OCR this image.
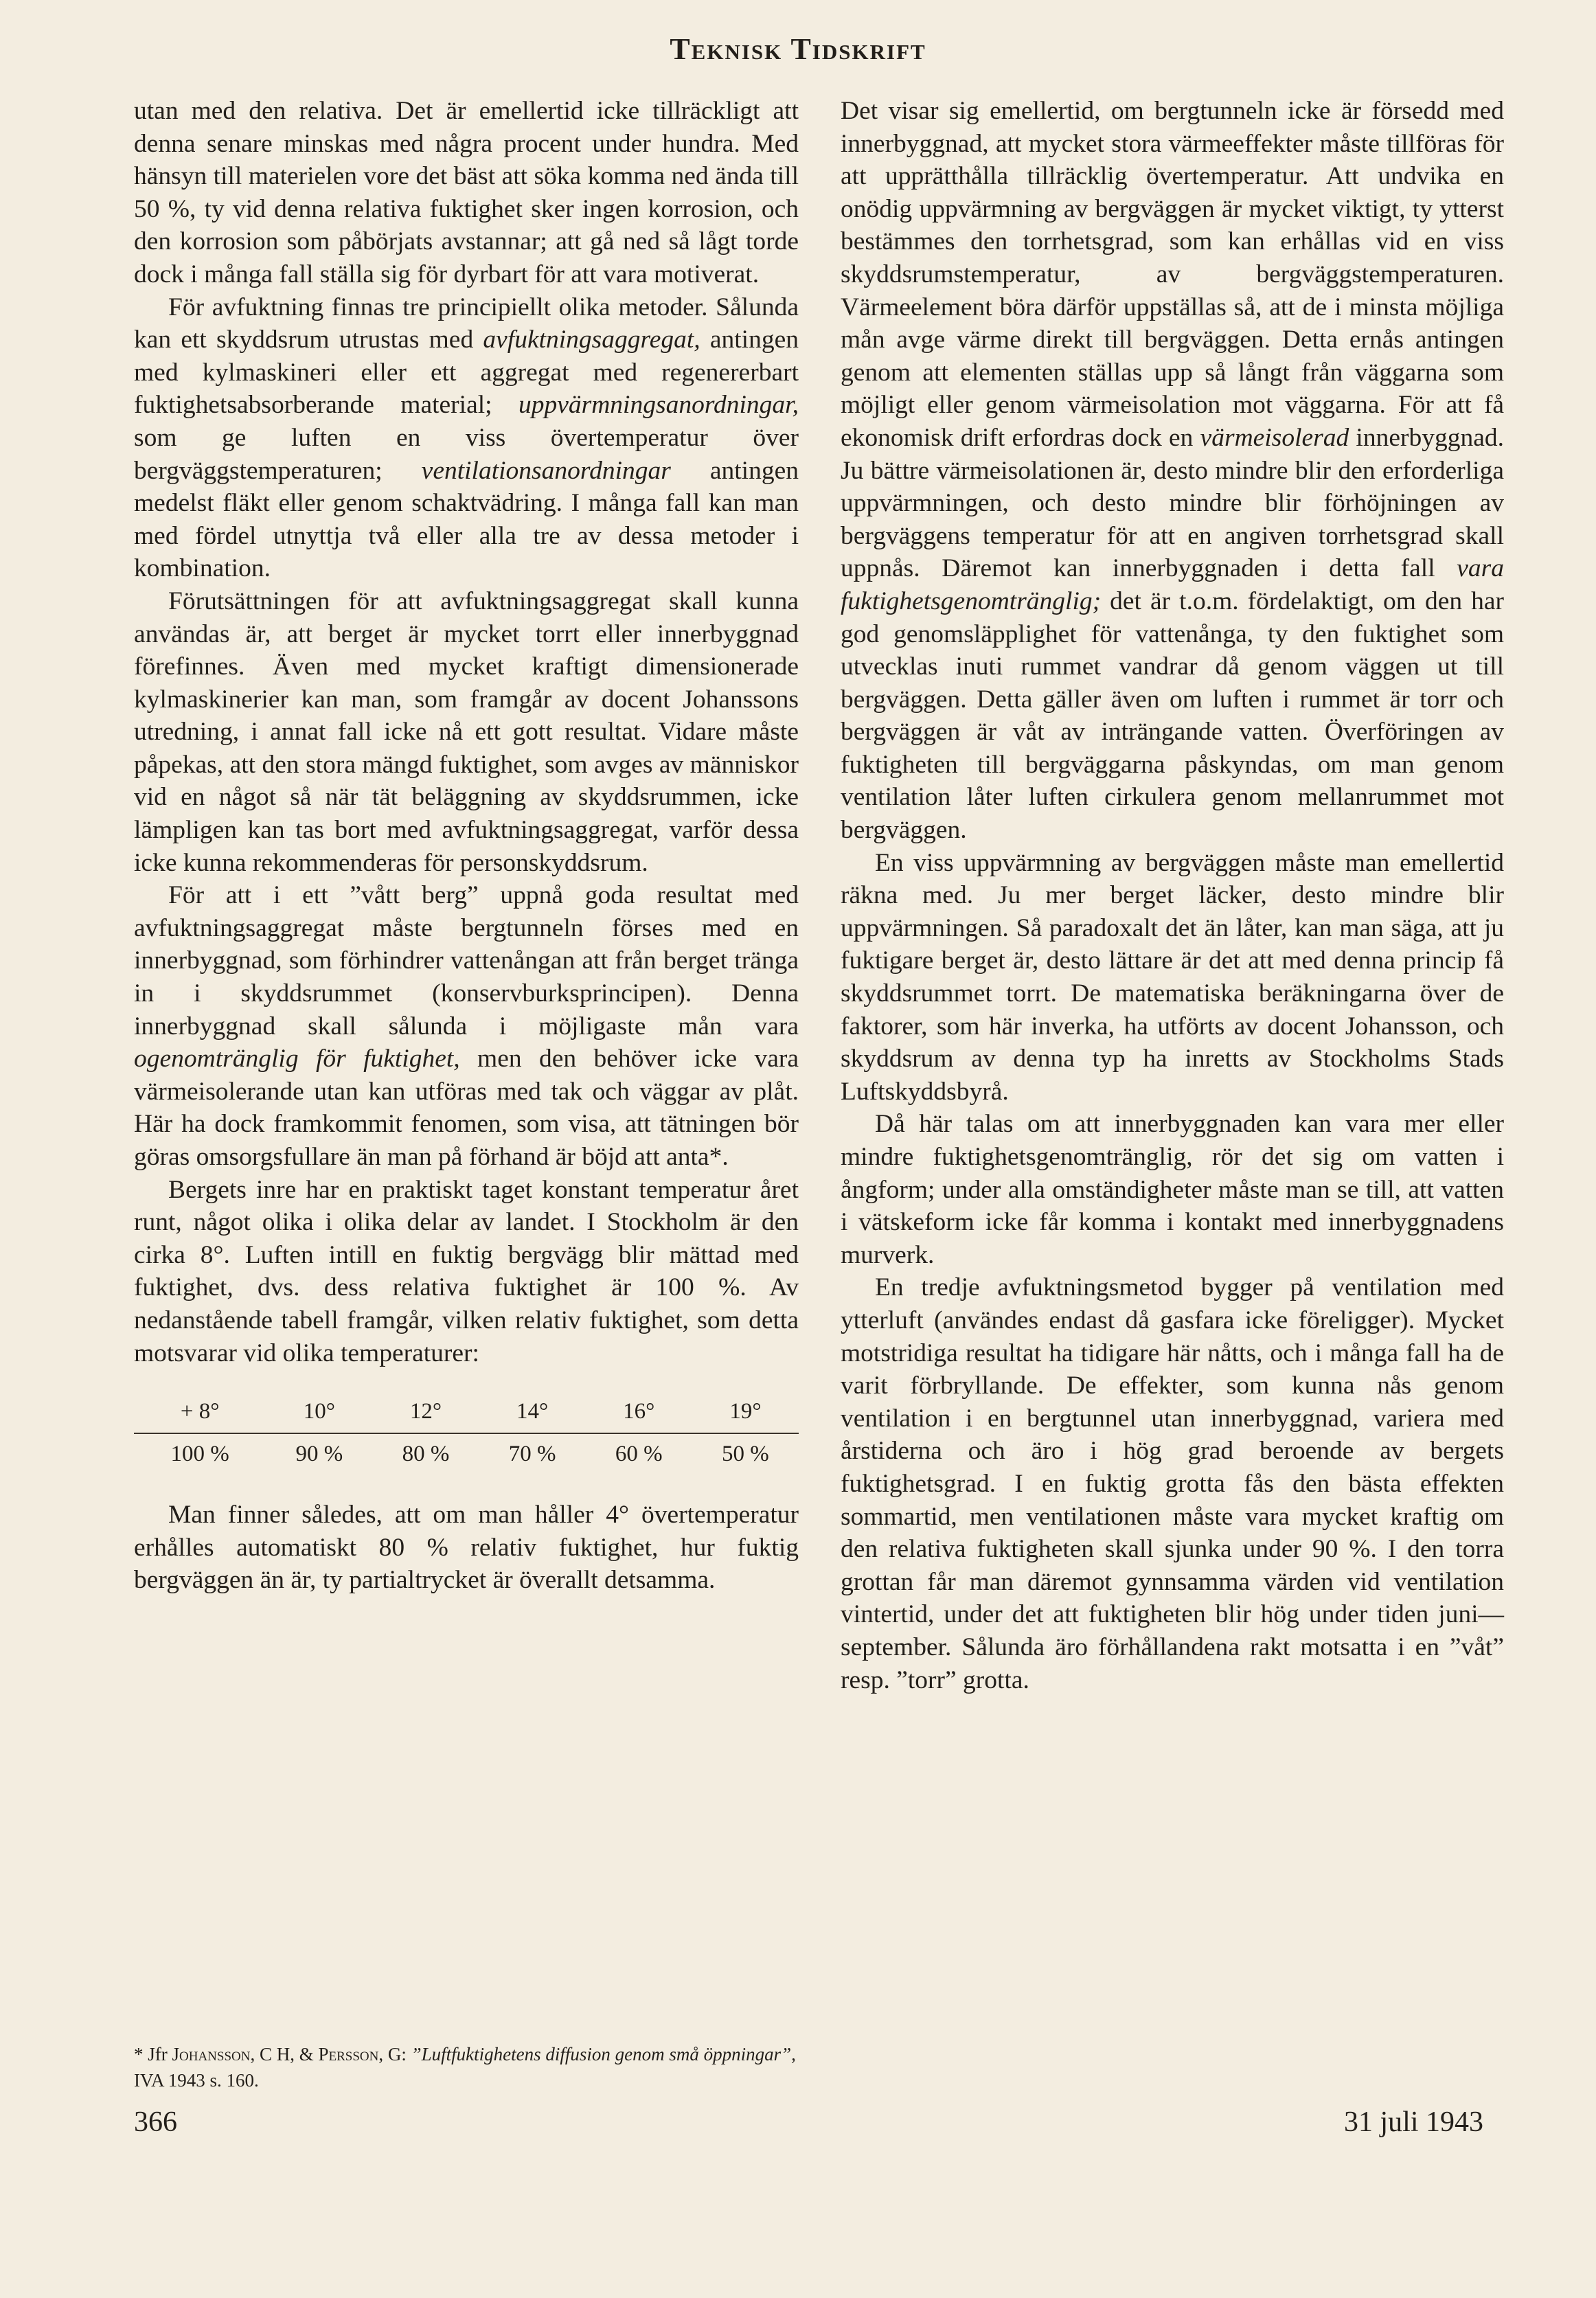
Teknisk Tidskrift

utan med den relativa. Det är emellertid icke tillräckligt att denna senare minskas med några procent under hundra. Med hänsyn till materielen vore det bäst att söka komma ned ända till 50 %, ty vid denna relativa fuktighet sker ingen korrosion, och den korrosion som påbörjats avstannar; att gå ned så lågt torde dock i många fall ställa sig för dyrbart för att vara motiverat.

För avfuktning finnas tre principiellt olika metoder. Sålunda kan ett skyddsrum utrustas med avfuktningsaggregat, antingen med kylmaskineri eller ett aggregat med regenererbart fuktighetsabsorberande material; uppvärmningsanordningar, som ge luften en viss övertemperatur över bergväggstemperaturen; ventilationsanordningar antingen medelst fläkt eller genom schaktvädring. I många fall kan man med fördel utnyttja två eller alla tre av dessa metoder i kombination.

Förutsättningen för att avfuktningsaggregat skall kunna användas är, att berget är mycket torrt eller innerbyggnad förefinnes. Även med mycket kraftigt dimensionerade kylmaskinerier kan man, som framgår av docent Johanssons utredning, i annat fall icke nå ett gott resultat. Vidare måste påpekas, att den stora mängd fuktighet, som avges av människor vid en något så när tät beläggning av skyddsrummen, icke lämpligen kan tas bort med avfuktningsaggregat, varför dessa icke kunna rekommenderas för personskyddsrum.

För att i ett ”vått berg” uppnå goda resultat med avfuktningsaggregat måste bergtunneln förses med en innerbyggnad, som förhindrer vattenångan att från berget tränga in i skyddsrummet (konservburksprincipen). Denna innerbyggnad skall sålunda i möjligaste mån vara ogenomtränglig för fuktighet, men den behöver icke vara värmeisolerande utan kan utföras med tak och väggar av plåt. Här ha dock framkommit fenomen, som visa, att tätningen bör göras omsorgsfullare än man på förhand är böjd att anta*.

Bergets inre har en praktiskt taget konstant temperatur året runt, något olika i olika delar av landet. I Stockholm är den cirka 8°. Luften intill en fuktig bergvägg blir mättad med fuktighet, dvs. dess relativa fuktighet är 100 %. Av nedanstående tabell framgår, vilken relativ fuktighet, som detta motsvarar vid olika temperaturer:

+ 8°	10°	12°	14°	16°	19°
100 %	90 %	80 %	70 %	60 %	50 %

Man finner således, att om man håller 4° övertemperatur erhålles automatiskt 80 % relativ fuktighet, hur fuktig bergväggen än är, ty partialtrycket är överallt detsamma.

* Jfr Johansson, C H, & Persson, G: ”Luftfuktighetens diffusion genom små öppningar”, IVA 1943 s. 160.

Det visar sig emellertid, om bergtunneln icke är försedd med innerbyggnad, att mycket stora värmeeffekter måste tillföras för att upprätthålla tillräcklig övertemperatur. Att undvika en onödig uppvärmning av bergväggen är mycket viktigt, ty ytterst bestämmes den torrhetsgrad, som kan erhållas vid en viss skyddsrumstemperatur, av bergväggstemperaturen. Värmeelement böra därför uppställas så, att de i minsta möjliga mån avge värme direkt till bergväggen. Detta ernås antingen genom att elementen ställas upp så långt från väggarna som möjligt eller genom värmeisolation mot väggarna. För att få ekonomisk drift erfordras dock en värmeisolerad innerbyggnad. Ju bättre värmeisolationen är, desto mindre blir den erforderliga uppvärmningen, och desto mindre blir förhöjningen av bergväggens temperatur för att en angiven torrhetsgrad skall uppnås. Däremot kan innerbyggnaden i detta fall vara fuktighetsgenomtränglig; det är t.o.m. fördelaktigt, om den har god genomsläpplighet för vattenånga, ty den fuktighet som utvecklas inuti rummet vandrar då genom väggen ut till bergväggen. Detta gäller även om luften i rummet är torr och bergväggen är våt av inträngande vatten. Överföringen av fuktigheten till bergväggarna påskyndas, om man genom ventilation låter luften cirkulera genom mellanrummet mot bergväggen.

En viss uppvärmning av bergväggen måste man emellertid räkna med. Ju mer berget läcker, desto mindre blir uppvärmningen. Så paradoxalt det än låter, kan man säga, att ju fuktigare berget är, desto lättare är det att med denna princip få skyddsrummet torrt. De matematiska beräkningarna över de faktorer, som här inverka, ha utförts av docent Johansson, och skyddsrum av denna typ ha inretts av Stockholms Stads Luftskyddsbyrå.

Då här talas om att innerbyggnaden kan vara mer eller mindre fuktighetsgenomtränglig, rör det sig om vatten i ångform; under alla omständigheter måste man se till, att vatten i vätskeform icke får komma i kontakt med innerbyggnadens murverk.

En tredje avfuktningsmetod bygger på ventilation med ytterluft (användes endast då gasfara icke föreligger). Mycket motstridiga resultat ha tidigare här nåtts, och i många fall ha de varit förbryllande. De effekter, som kunna nås genom ventilation i en bergtunnel utan innerbyggnad, variera med årstiderna och äro i hög grad beroende av bergets fuktighetsgrad. I en fuktig grotta fås den bästa effekten sommartid, men ventilationen måste vara mycket kraftig om den relativa fuktigheten skall sjunka under 90 %. I den torra grottan får man däremot gynnsamma värden vid ventilation vintertid, under det att fuktigheten blir hög under tiden juni—september. Sålunda äro förhållandena rakt motsatta i en ”våt” resp. ”torr” grotta.

366	31 juli 1943
